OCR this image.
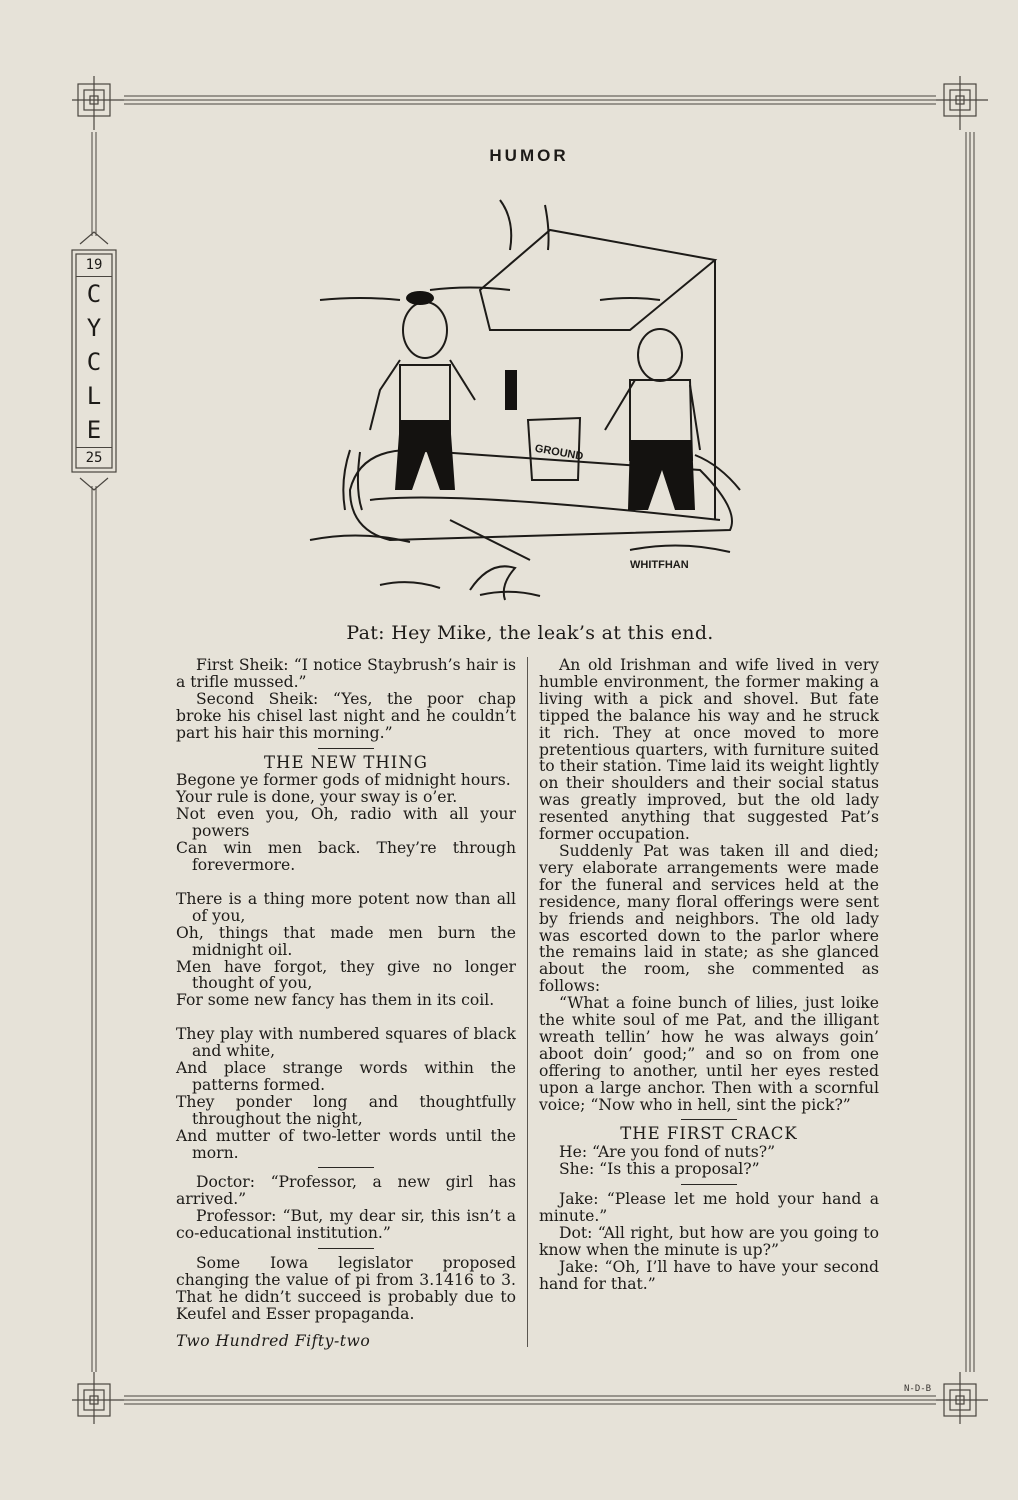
19
C
Y
C
L
E
25
HUMOR
GROUND
WHITFHAN
Pat: Hey Mike, the leak’s at this end.

First Sheik: “I notice Staybrush’s hair is a trifle mussed.”

Second Sheik: “Yes, the poor chap broke his chisel last night and he couldn’t part his hair this morning.”

THE NEW THING

Begone ye former gods of midnight hours.

Your rule is done, your sway is o’er.

Not even you, Oh, radio with all your powers

Can win men back. They’re through forevermore.

There is a thing more potent now than all of you,

Oh, things that made men burn the midnight oil.

Men have forgot, they give no longer thought of you,

For some new fancy has them in its coil.

They play with numbered squares of black and white,

And place strange words within the patterns formed.

They ponder long and thoughtfully throughout the night,

And mutter of two-letter words until the morn.

Doctor: “Professor, a new girl has arrived.”

Professor: “But, my dear sir, this isn’t a co-educational institution.”

Some Iowa legislator proposed changing the value of pi from 3.1416 to 3. That he didn’t succeed is probably due to Keufel and Esser propaganda.

Two Hundred Fifty-two

An old Irishman and wife lived in very humble environment, the former making a living with a pick and shovel. But fate tipped the balance his way and he struck it rich. They at once moved to more pretentious quarters, with furniture suited to their station. Time laid its weight lightly on their shoulders and their social status was greatly improved, but the old lady resented anything that suggested Pat’s former occupation.

Suddenly Pat was taken ill and died; very elaborate arrangements were made for the funeral and services held at the residence, many floral offerings were sent by friends and neighbors. The old lady was escorted down to the parlor where the remains laid in state; as she glanced about the room, she commented as follows:

“What a foine bunch of lilies, just loike the white soul of me Pat, and the illigant wreath tellin’ how he was always goin’ aboot doin’ good;” and so on from one offering to another, until her eyes rested upon a large anchor. Then with a scornful voice; “Now who in hell, sint the pick?”

THE FIRST CRACK

He: “Are you fond of nuts?”

She: “Is this a proposal?”

Jake: “Please let me hold your hand a minute.”

Dot: “All right, but how are you going to know when the minute is up?”

Jake: “Oh, I’ll have to have your second hand for that.”

N-D-B
